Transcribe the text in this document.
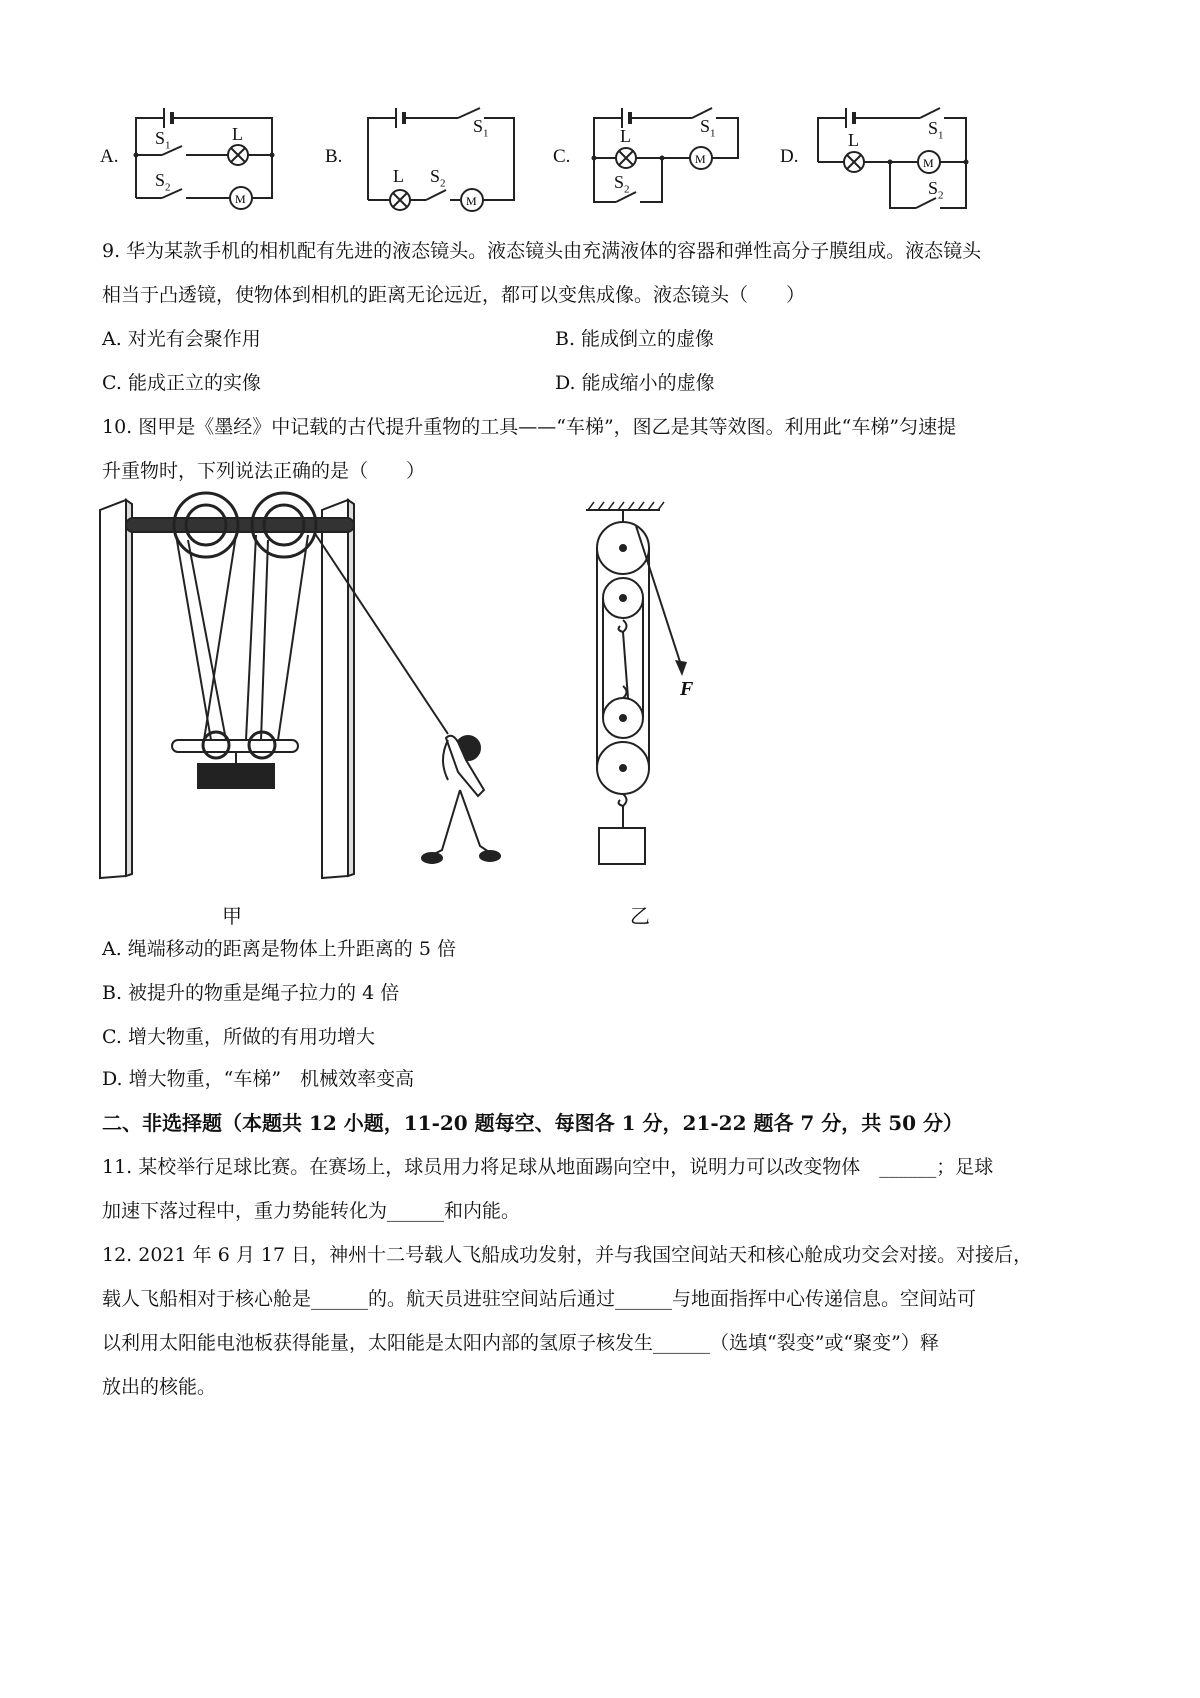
A.
M
$S_1$
L
$S_2$
B.
M
$S_1$
L $S_2$
C.	M
L	$S_1$
$S_2$
D.	M
L
$S_1$
$S_2$
9. 华为某款手机的相机配有先进的液态镜头。液态镜头由充满液体的容器和弹性高分子膜组成。液态镜头
相当于凸透镜，使物体到相机的距离无论远近，都可以变焦成像。液态镜头（　　）
A. 对光有会聚作用	B. 能成倒立的虚像
C. 能成正立的实像	D. 能成缩小的虚像
10. 图甲是《墨经》中记载的古代提升重物的工具——“车梯”，图乙是其等效图。利用此“车梯”匀速提
升重物时，下列说法正确的是（　　）
甲
F
乙
A. 绳端移动的距离是物体上升距离的 5 倍
B. 被提升的物重是绳子拉力的 4 倍
C. 增大物重，所做的有用功增大
D. 增大物重，“车梯”　机械效率变高
二、非选择题（本题共 12 小题，11-20 题每空、每图各 1 分，21-22 题各 7 分，共 50 分）
11. 某校举行足球比赛。在赛场上，球员用力将足球从地面踢向空中，说明力可以改变物体　______；足球
加速下落过程中，重力势能转化为______和内能。
12. 2021 年 6 月 17 日，神州十二号载人飞船成功发射，并与我国空间站天和核心舱成功交会对接。对接后，
载人飞船相对于核心舱是______的。航天员进驻空间站后通过______与地面指挥中心传递信息。空间站可
以利用太阳能电池板获得能量，太阳能是太阳内部的氢原子核发生______（选填“裂变”或“聚变”）释
放出的核能。
